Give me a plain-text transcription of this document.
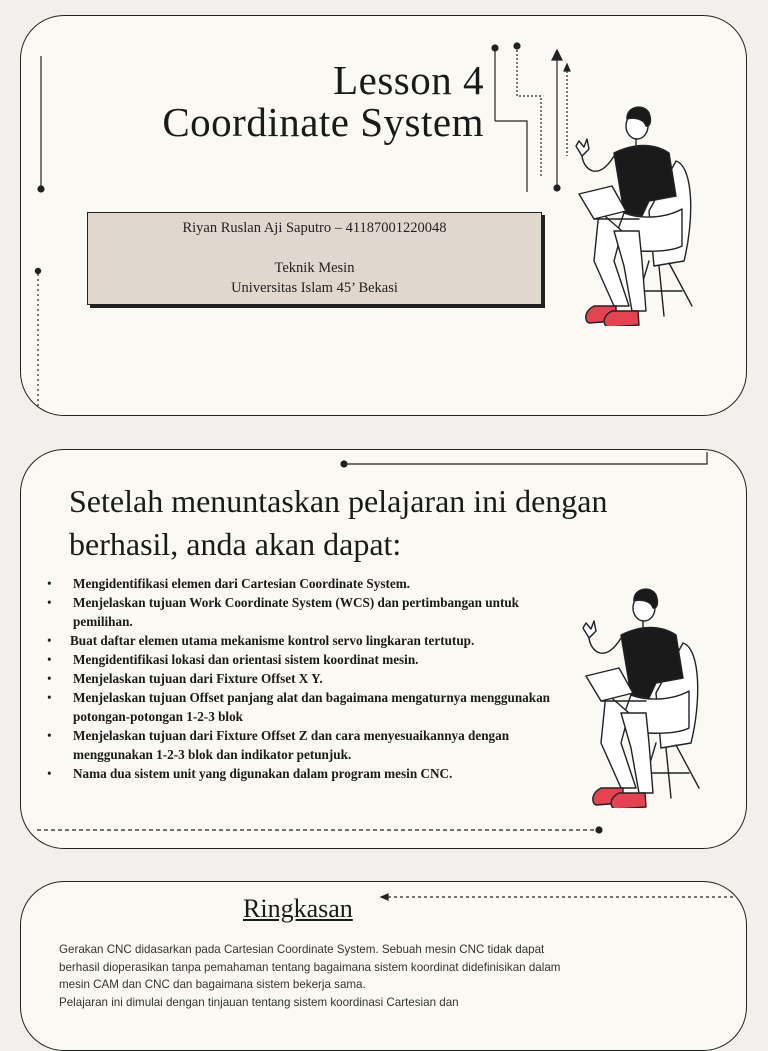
Lesson 4
Coordinate System
Riyan Ruslan Aji Saputro – 41187001220048
Teknik Mesin
Universitas Islam 45’ Bekasi
Setelah menuntaskan pelajaran ini dengan berhasil, anda akan dapat:
• Mengidentifikasi elemen dari Cartesian Coordinate System.
• Menjelaskan tujuan Work Coordinate System (WCS) dan pertimbangan untuk pemilihan.
• Buat daftar elemen utama mekanisme kontrol servo lingkaran tertutup.
• Mengidentifikasi lokasi dan orientasi sistem koordinat mesin.
• Menjelaskan tujuan dari Fixture Offset X Y.
• Menjelaskan tujuan Offset panjang alat dan bagaimana mengaturnya menggunakan potongan-potongan 1-2-3 blok
• Menjelaskan tujuan dari Fixture Offset Z dan cara menyesuaikannya dengan menggunakan 1-2-3 blok dan indikator petunjuk.
• Nama dua sistem unit yang digunakan dalam program mesin CNC.
Ringkasan

Gerakan CNC didasarkan pada Cartesian Coordinate System. Sebuah mesin CNC tidak dapat berhasil dioperasikan tanpa pemahaman tentang bagaimana sistem koordinat didefinisikan dalam mesin CAM dan CNC dan bagaimana sistem bekerja sama.

Pelajaran ini dimulai dengan tinjauan tentang sistem koordinasi Cartesian dan
